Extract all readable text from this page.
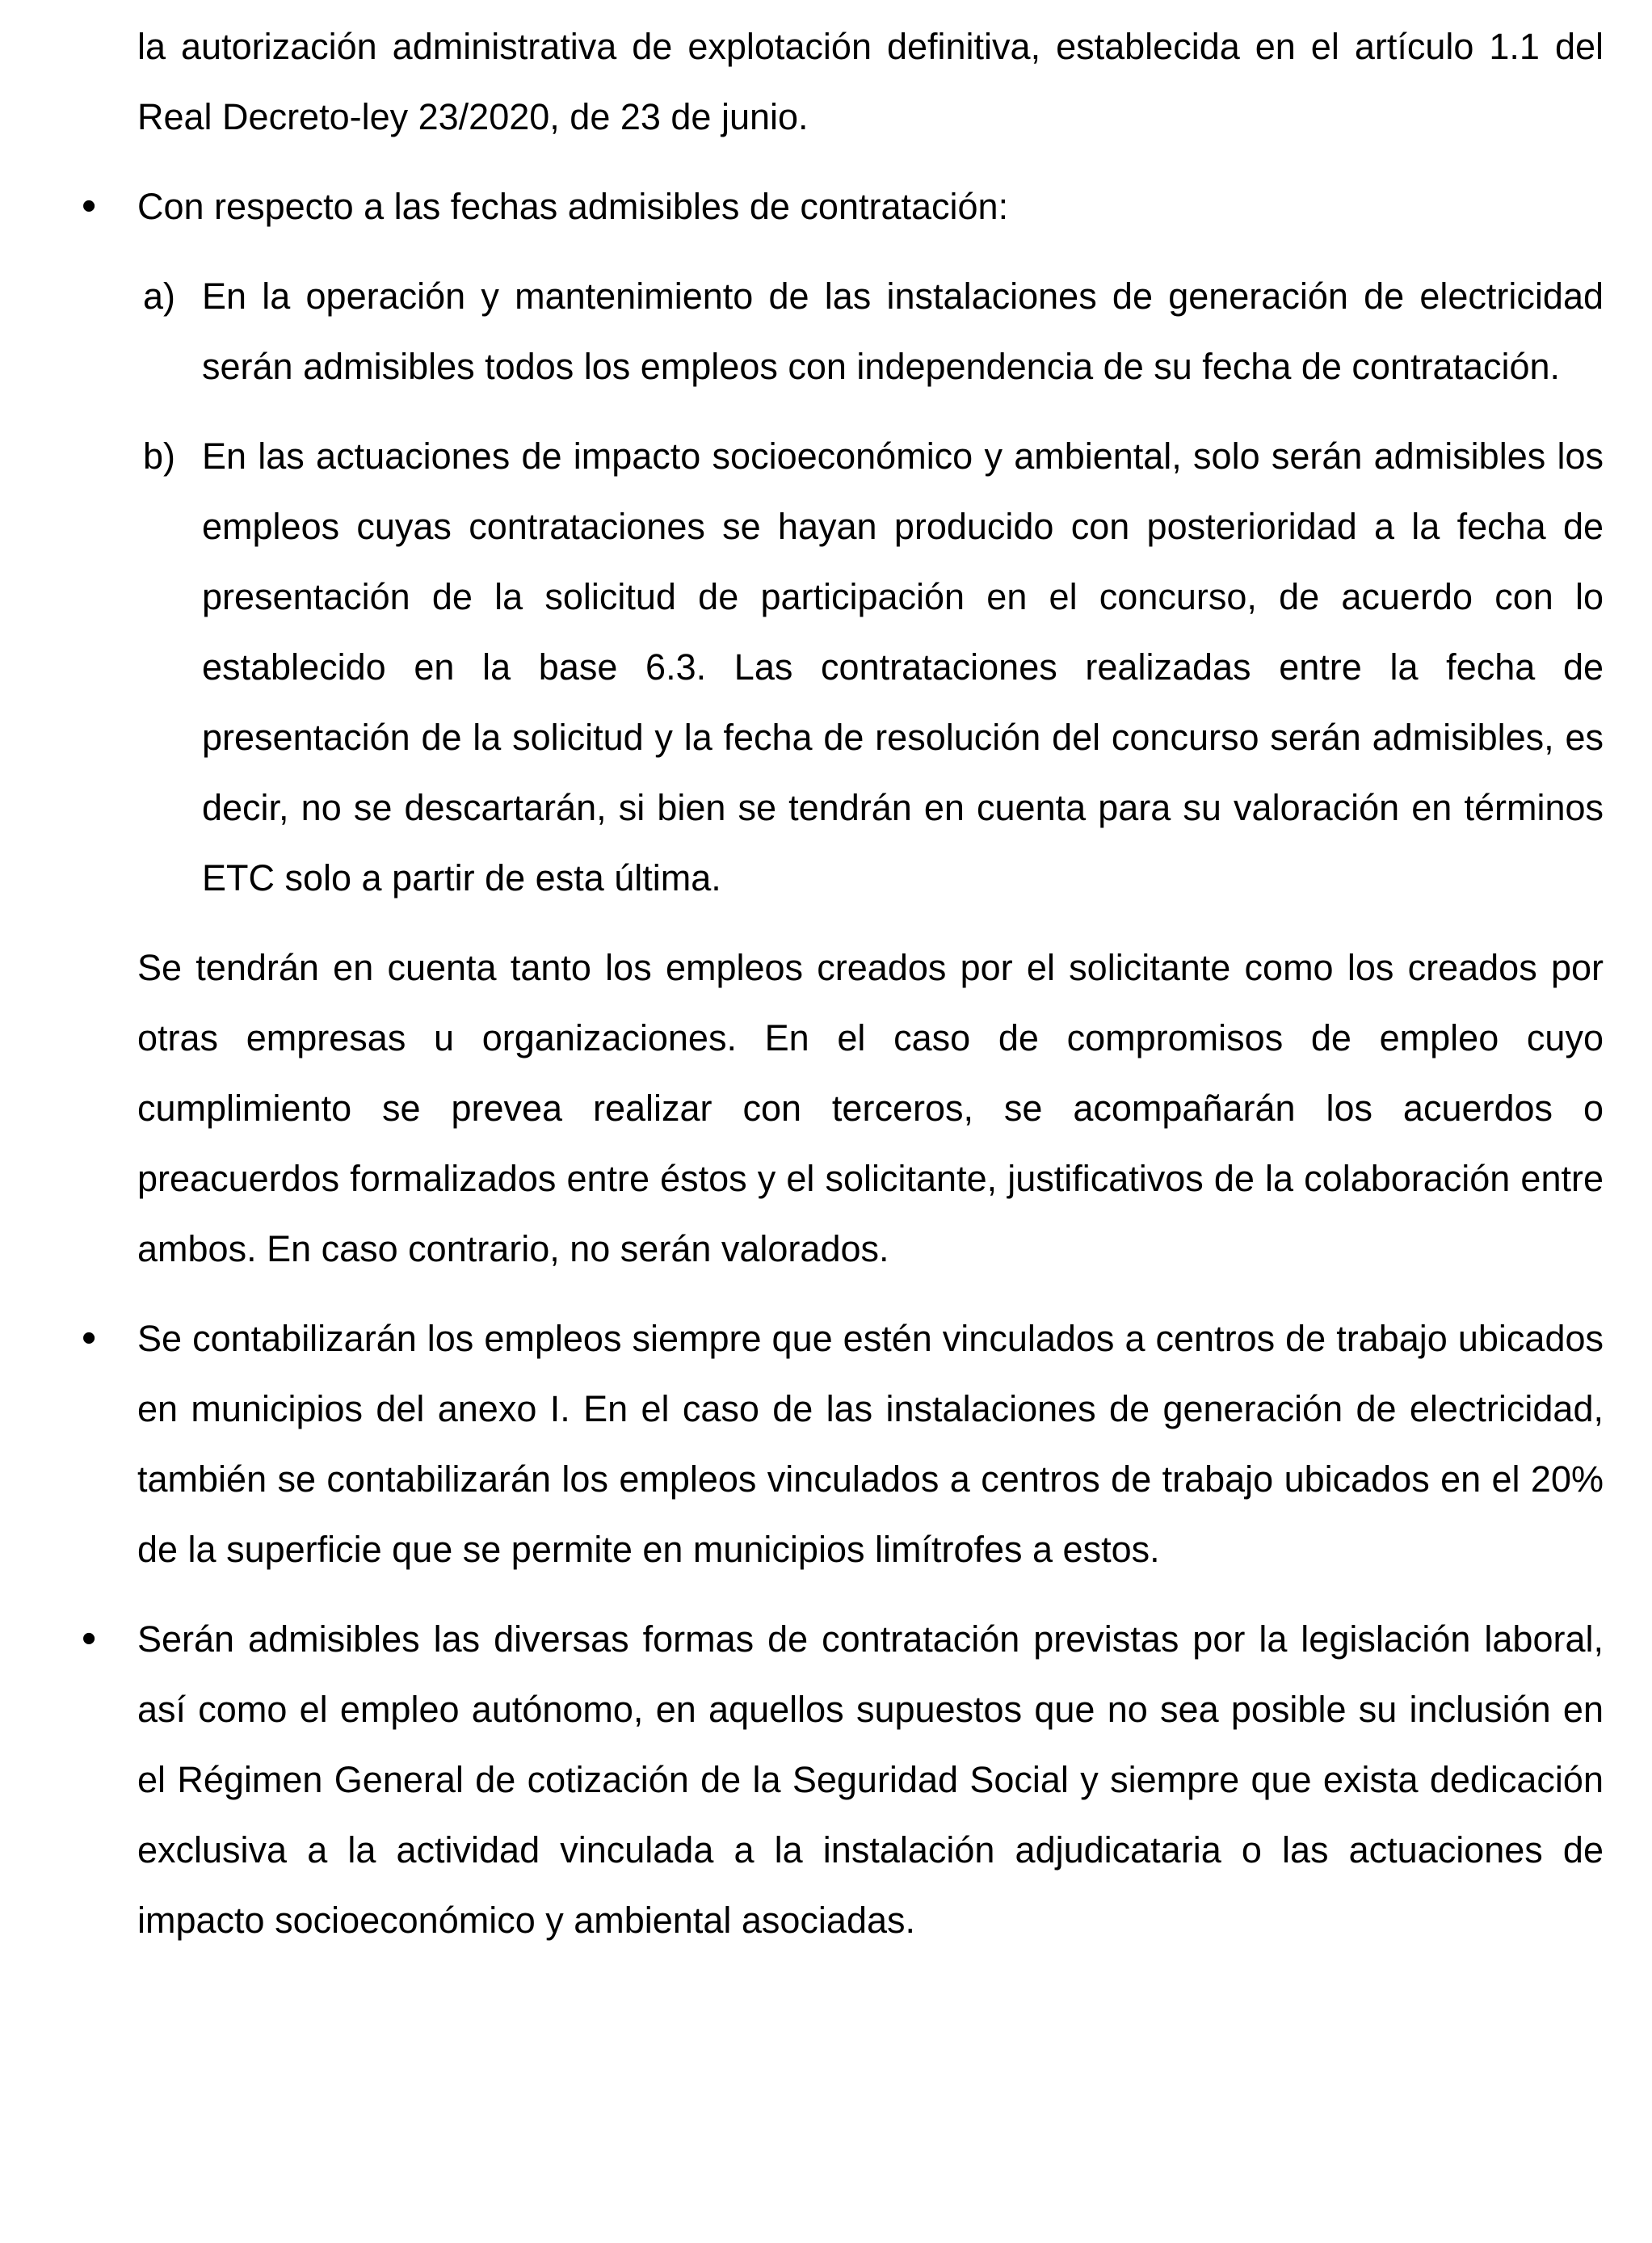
la autorización administrativa de explotación definitiva, establecida en el artículo 1.1 del Real Decreto-ley 23/2020, de 23 de junio.
• Con respecto a las fechas admisibles de contratación:
a) En la operación y mantenimiento de las instalaciones de generación de electricidad serán admisibles todos los empleos con independencia de su fecha de contratación.
b) En las actuaciones de impacto socioeconómico y ambiental, solo serán admisibles los empleos cuyas contrataciones se hayan producido con posterioridad a la fecha de presentación de la solicitud de participación en el concurso, de acuerdo con lo establecido en la base 6.3. Las contrataciones realizadas entre la fecha de presentación de la solicitud y la fecha de resolución del concurso serán admisibles, es decir, no se descartarán, si bien se tendrán en cuenta para su valoración en términos ETC solo a partir de esta última.
Se tendrán en cuenta tanto los empleos creados por el solicitante como los creados por otras empresas u organizaciones. En el caso de compromisos de empleo cuyo cumplimiento se prevea realizar con terceros, se acompañarán los acuerdos o preacuerdos formalizados entre éstos y el solicitante, justificativos de la colaboración entre ambos. En caso contrario, no serán valorados.
• Se contabilizarán los empleos siempre que estén vinculados a centros de trabajo ubicados en municipios del anexo I. En el caso de las instalaciones de generación de electricidad, también se contabilizarán los empleos vinculados a centros de trabajo ubicados en el 20% de la superficie que se permite en municipios limítrofes a estos.
• Serán admisibles las diversas formas de contratación previstas por la legislación laboral, así como el empleo autónomo, en aquellos supuestos que no sea posible su inclusión en el Régimen General de cotización de la Seguridad Social y siempre que exista dedicación exclusiva a la actividad vinculada a la instalación adjudicataria o las actuaciones de impacto socioeconómico y ambiental asociadas.
